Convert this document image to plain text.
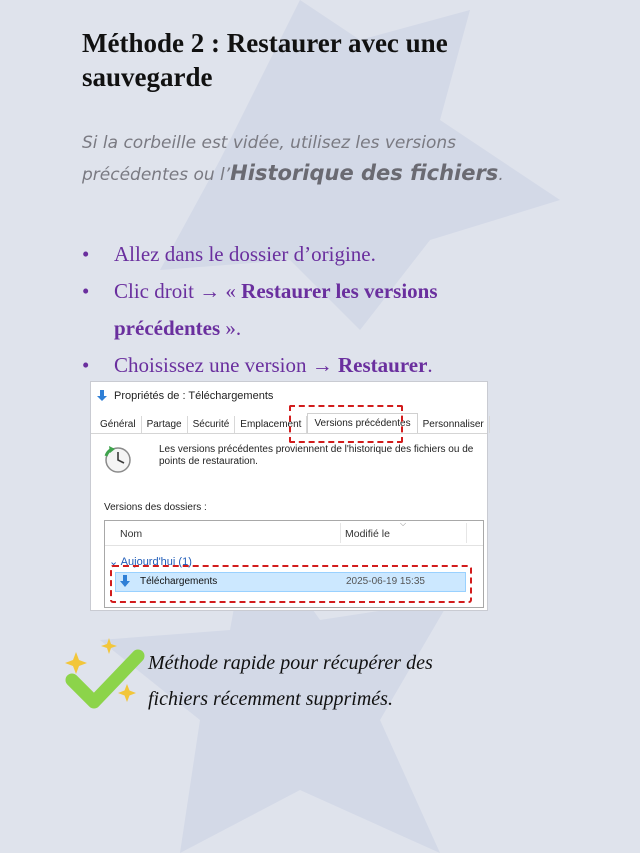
Méthode 2 : Restaurer avec une
sauvegarde
Si la corbeille est vidée, utilisez les versions
précédentes ou l’Historique des fichiers.
•	Allez dans le dossier d’origine.
•	Clic droit → « Restaurer les versions
précédentes ».
•	Choisissez une version → Restaurer.
Propriétés de : Téléchargements
Général	Partage	Sécurité	Emplacement	Versions précédentes	Personnaliser
Les versions précédentes proviennent de l'historique des fichiers ou de points de restauration.
Versions des dossiers :
Nom	Modifié le
⌵
⌄ Aujourd'hui (1)
Téléchargements	2025-06-19 15:35
Méthode rapide pour récupérer des
fichiers récemment supprimés.
